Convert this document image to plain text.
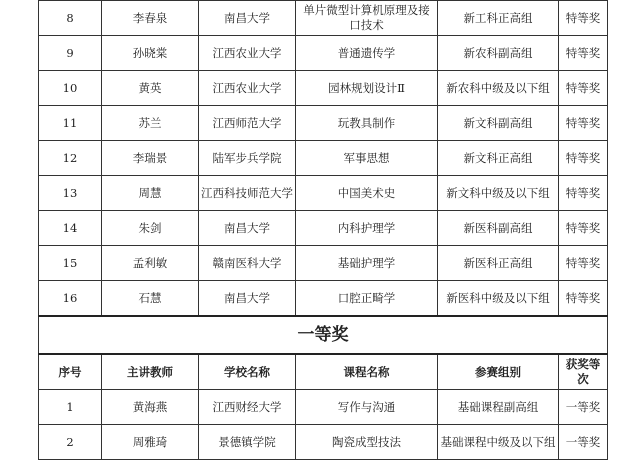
8	李春泉	南昌大学	单片微型计算机原理及接口技术	新工科正高组	特等奖
9	孙晓棠	江西农业大学	普通遗传学	新农科副高组	特等奖
10	黄英	江西农业大学	园林规划设计Ⅱ	新农科中级及以下组	特等奖
11	苏兰	江西师范大学	玩教具制作	新文科副高组	特等奖
12	李瑞景	陆军步兵学院	军事思想	新文科正高组	特等奖
13	周慧	江西科技师范大学	中国美术史	新文科中级及以下组	特等奖
14	朱剑	南昌大学	内科护理学	新医科副高组	特等奖
15	孟利敏	赣南医科大学	基础护理学	新医科正高组	特等奖
16	石慧	南昌大学	口腔正畸学	新医科中级及以下组	特等奖
一等奖					
序号	主讲教师	学校名称	课程名称	参赛组别	获奖等次
1	黄海燕	江西财经大学	写作与沟通	基础课程副高组	一等奖
2	周雅琦	景德镇学院	陶瓷成型技法	基础课程中级及以下组	一等奖
